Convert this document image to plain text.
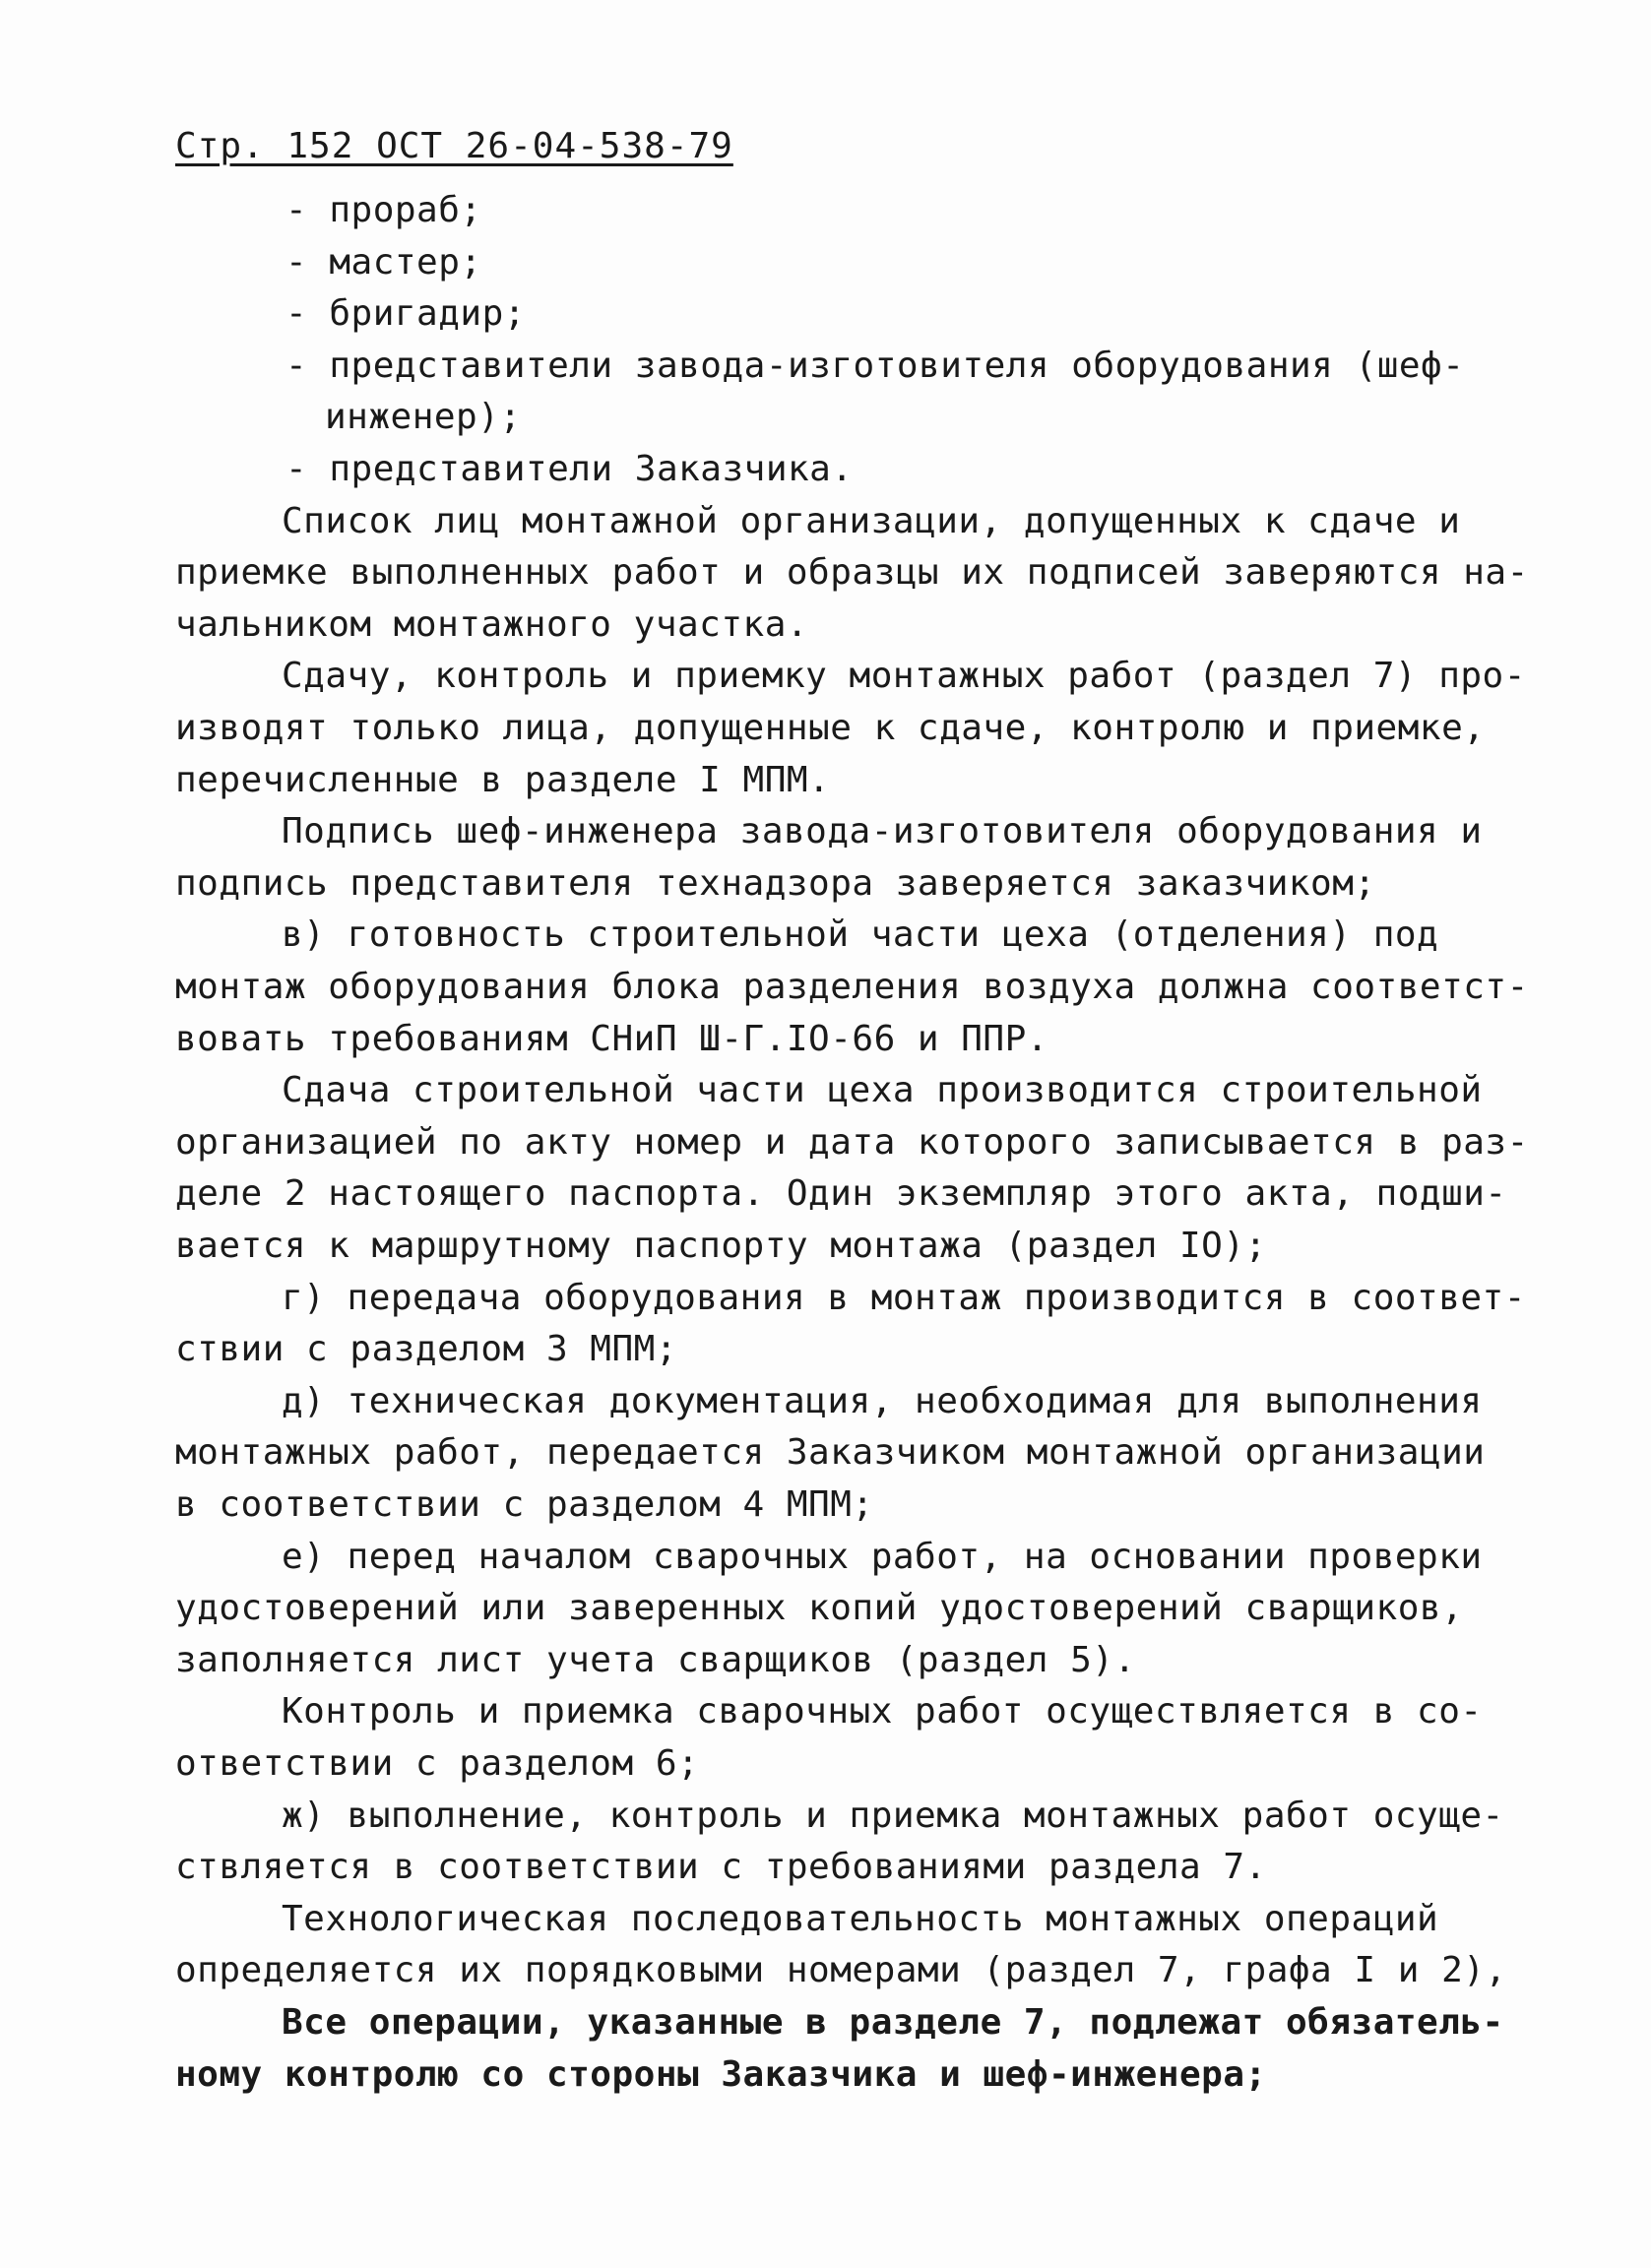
Стр. 152 ОСТ 26-04-538-79
- прораб;
- мастер;
- бригадир;
- представители завода-изготовителя оборудования (шеф-
инженер);
- представители Заказчика.
Список лиц монтажной организации, допущенных к сдаче и
приемке выполненных работ и образцы их подписей заверяются на-
чальником монтажного участка.
Сдачу, контроль и приемку монтажных работ (раздел 7) про-
изводят только лица, допущенные к сдаче, контролю и приемке,
перечисленные в разделе I МПМ.
Подпись шеф-инженера завода-изготовителя оборудования и
подпись представителя технадзора заверяется заказчиком;
в) готовность строительной части цеха (отделения) под
монтаж оборудования блока разделения воздуха должна соответст-
вовать требованиям СНиП Ш-Г.IO-66 и ППР.
Сдача строительной части цеха производится строительной
организацией по акту номер и дата которого записывается в раз-
деле 2 настоящего паспорта. Один экземпляр этого акта, подши-
вается к маршрутному паспорту монтажа (раздел IO);
г) передача оборудования в монтаж производится в соответ-
ствии с разделом 3 МПМ;
д) техническая документация, необходимая для выполнения
монтажных работ, передается Заказчиком монтажной организации
в соответствии с разделом 4 МПМ;
е) перед началом сварочных работ, на основании проверки
удостоверений или заверенных копий удостоверений сварщиков,
заполняется лист учета сварщиков (раздел 5).
Контроль и приемка сварочных работ осуществляется в со-
ответствии с разделом 6;
ж) выполнение, контроль и приемка монтажных работ осуще-
ствляется в соответствии с требованиями раздела 7.
Технологическая последовательность монтажных операций
определяется их порядковыми номерами (раздел 7, графа I и 2),
Все операции, указанные в разделе 7, подлежат обязатель-
ному контролю со стороны Заказчика и шеф-инженера;
